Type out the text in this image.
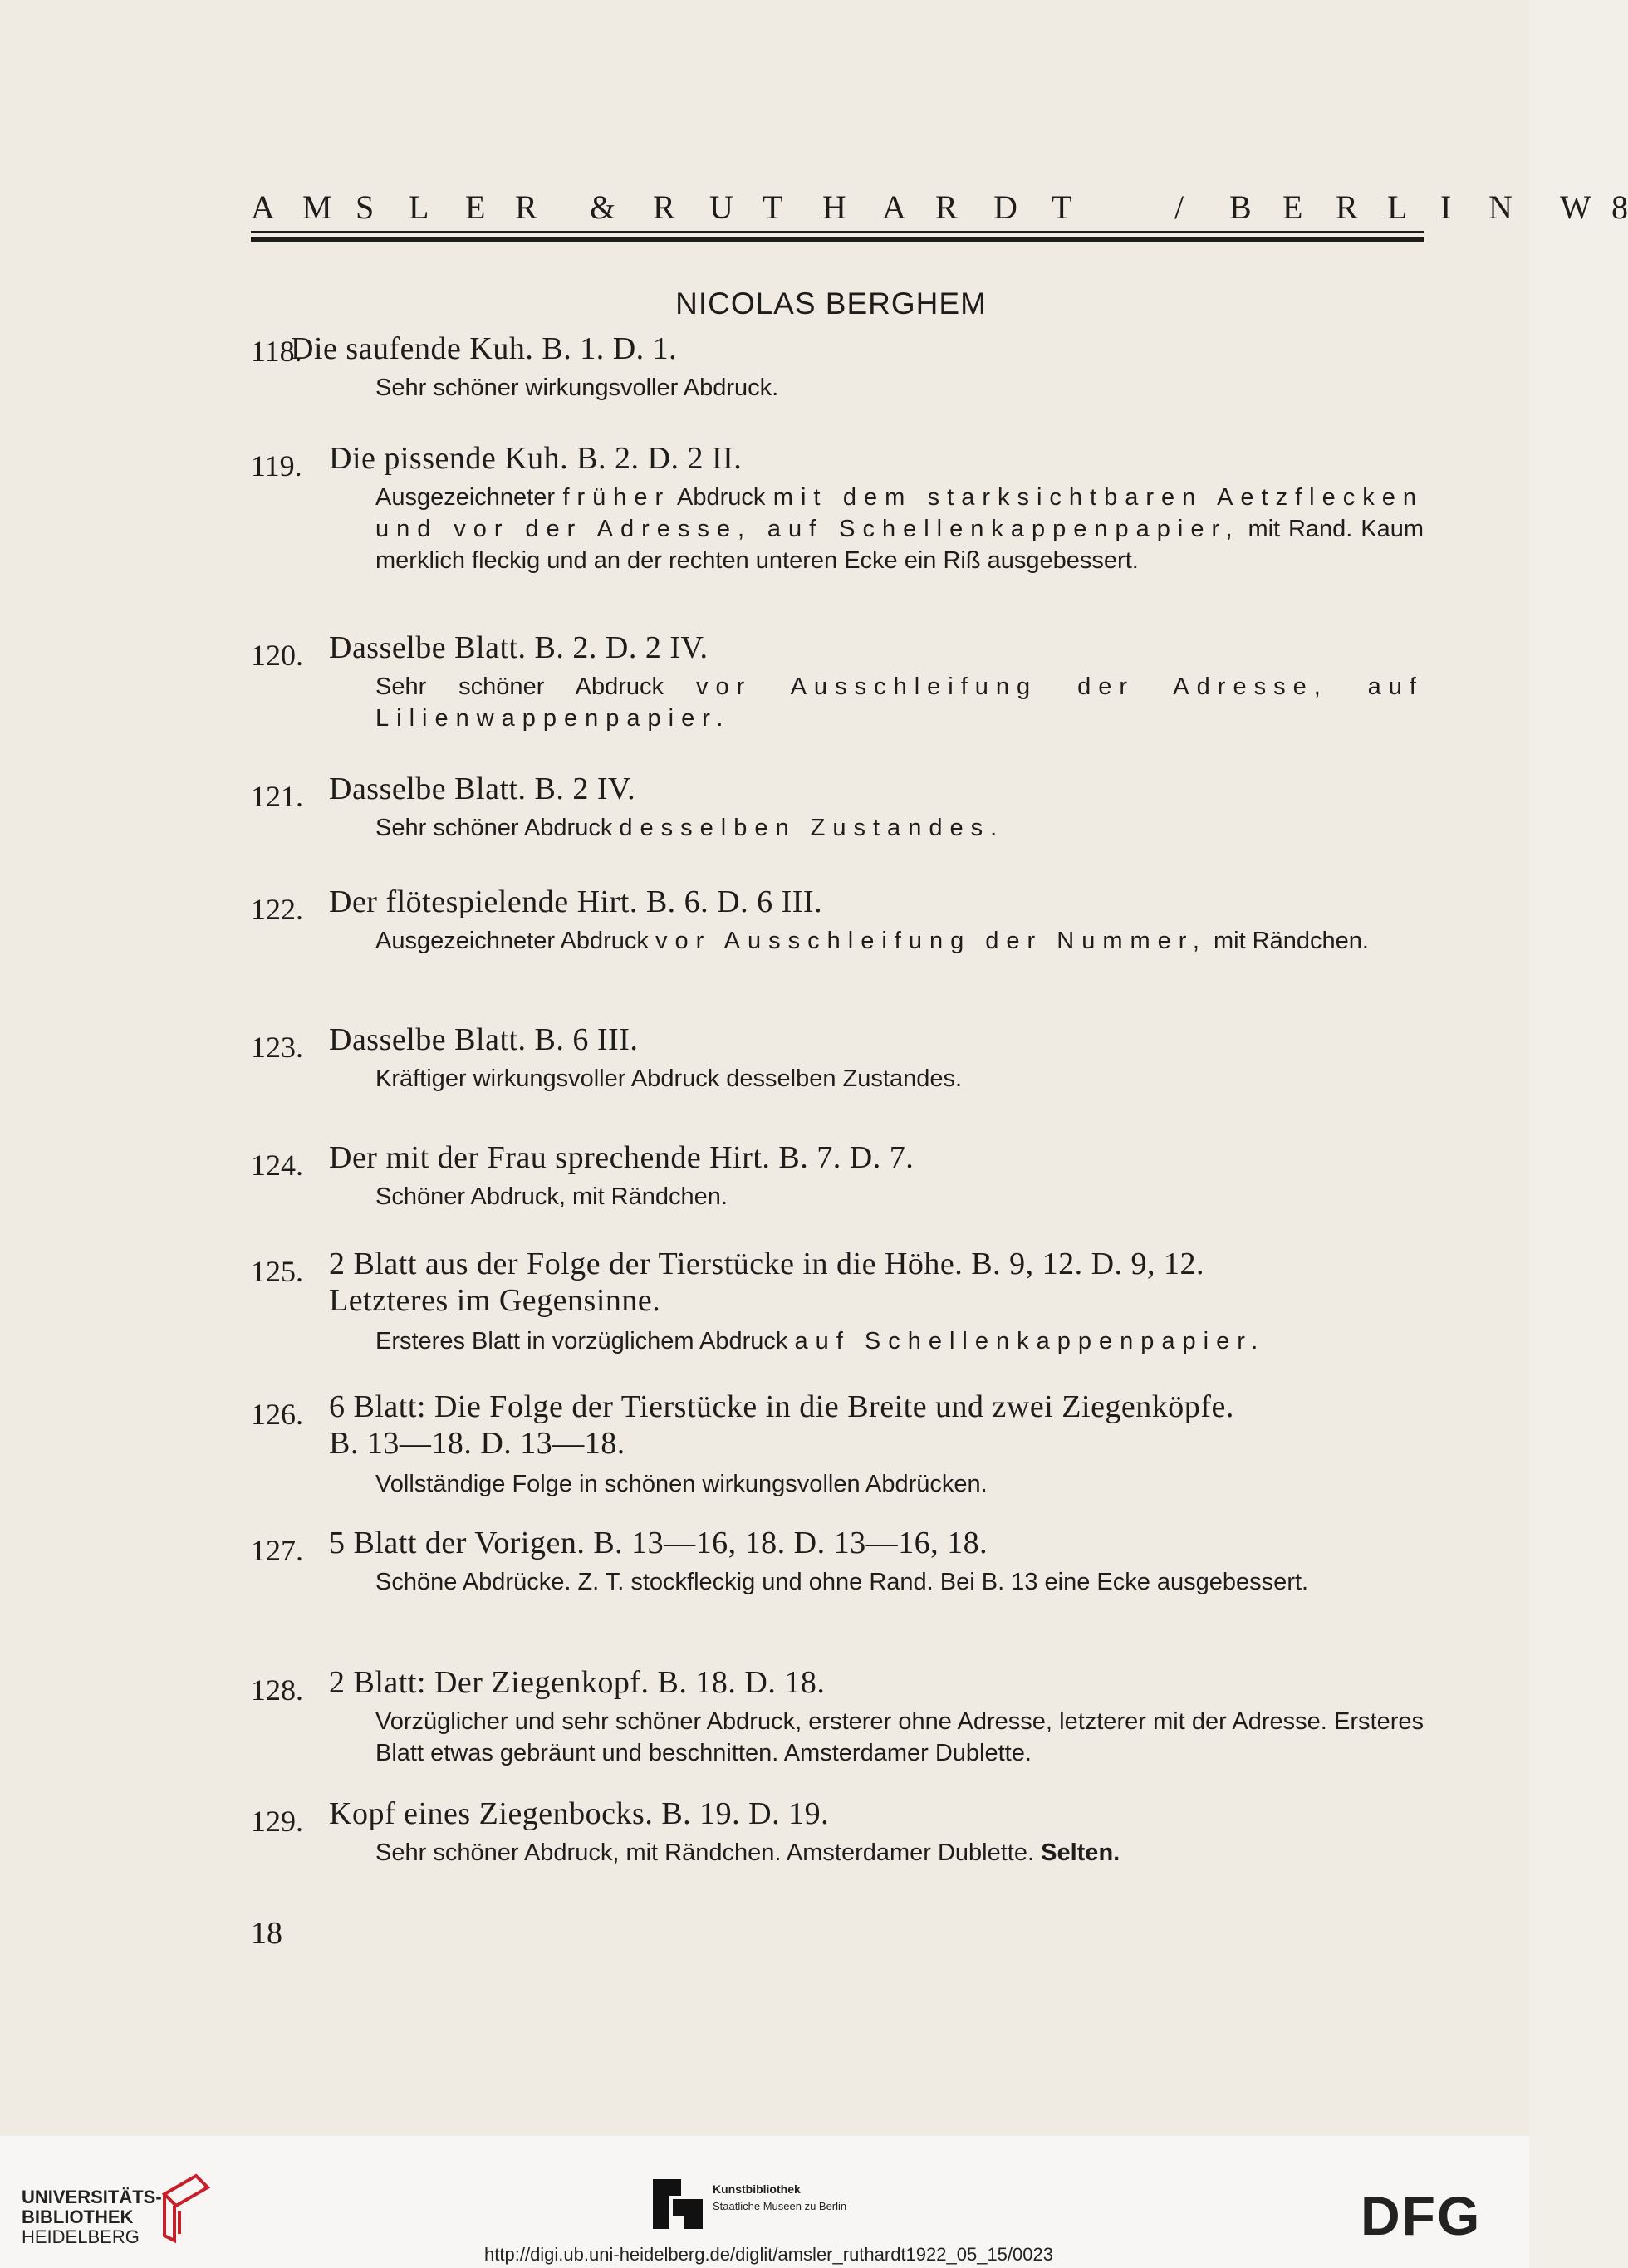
A M S L E R & R U T H A R D T	/ B E R L I N W 8
NICOLAS BERGHEM
118.
Die saufende Kuh. B. 1. D. 1.
Sehr schöner wirkungsvoller Abdruck.
119. Die pissende Kuh. B. 2. D. 2 II.
Ausgezeichneter früher Abdruck mit dem starksichtbaren Aetzflecken und vor der Adresse, auf Schellenkappenpapier, mit Rand. Kaum merklich fleckig und an der rechten unteren Ecke ein Riß ausgebessert.
120. Dasselbe Blatt. B. 2. D. 2 IV.
Sehr schöner Abdruck vor Ausschleifung der Adresse, auf Lilienwappenpapier.
121. Dasselbe Blatt. B. 2 IV.
Sehr schöner Abdruck desselben Zustandes.
122. Der flötespielende Hirt. B. 6. D. 6 III.
Ausgezeichneter Abdruck vor Ausschleifung der Nummer, mit Rändchen.
123. Dasselbe Blatt. B. 6 III.
Kräftiger wirkungsvoller Abdruck desselben Zustandes.
124. Der mit der Frau sprechende Hirt. B. 7. D. 7.
Schöner Abdruck, mit Rändchen.
125. 2 Blatt aus der Folge der Tierstücke in die Höhe. B. 9, 12. D. 9, 12.
Letzteres im Gegensinne.
Ersteres Blatt in vorzüglichem Abdruck auf Schellenkappenpapier.
126. 6 Blatt: Die Folge der Tierstücke in die Breite und zwei Ziegenköpfe.
B. 13—18. D. 13—18.
Vollständige Folge in schönen wirkungsvollen Abdrücken.
127. 5 Blatt der Vorigen. B. 13—16, 18. D. 13—16, 18.
Schöne Abdrücke. Z. T. stockfleckig und ohne Rand. Bei B. 13 eine Ecke ausgebessert.
128. 2 Blatt: Der Ziegenkopf. B. 18. D. 18.
Vorzüglicher und sehr schöner Abdruck, ersterer ohne Adresse, letzterer mit der Adresse. Ersteres Blatt etwas gebräunt und beschnitten. Amsterdamer Dublette.
129. Kopf eines Ziegenbocks. B. 19. D. 19.
Sehr schöner Abdruck, mit Rändchen. Amsterdamer Dublette. Selten.
18
UNIVERSITÄTS-
BIBLIOTHEK
HEIDELBERG
Kunstbibliothek
Staatliche Museen zu Berlin	DFG
http://digi.ub.uni-heidelberg.de/diglit/amsler_ruthardt1922_05_15/0023
